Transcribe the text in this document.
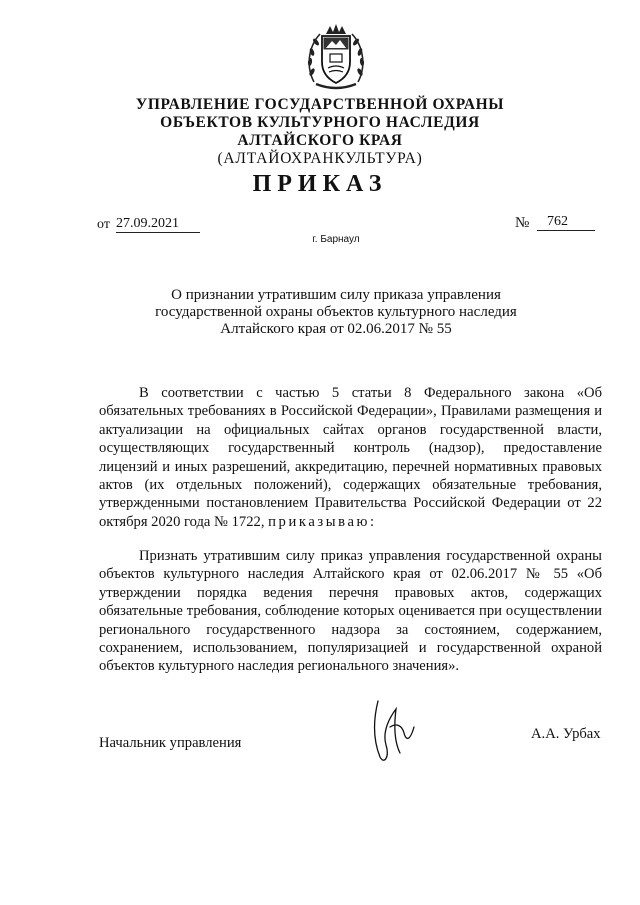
УПРАВЛЕНИЕ ГОСУДАРСТВЕННОЙ ОХРАНЫ
ОБЪЕКТОВ КУЛЬТУРНОГО НАСЛЕДИЯ
АЛТАЙСКОГО КРАЯ
(АЛТАЙОХРАНКУЛЬТУРА)
ПРИКАЗ
от 27.09.2021	№	762
г. Барнаул
О признании утратившим силу приказа управления
государственной охраны объектов культурного наследия
Алтайского края от 02.06.2017 № 55

В соответствии с частью 5 статьи 8 Федерального закона «Об обязательных требованиях в Российской Федерации», Правилами размещения и актуализации на официальных сайтах органов государственной власти, осуществляющих государственный контроль (надзор), предоставление лицензий и иных разрешений, аккредитацию, перечней нормативных правовых актов (их отдельных положений), содержащих обязательные требования, утвержденными постановлением Правительства Российской Федерации от 22 октября 2020 года № 1722, приказываю:

Признать утратившим силу приказ управления государственной охраны объектов культурного наследия Алтайского края от 02.06.2017 № 55 «Об утверждении порядка ведения перечня правовых актов, содержащих обязательные требования, соблюдение которых оценивается при осуществлении регионального государственного надзора за состоянием, содержанием, сохранением, использованием, популяризацией и государственной охраной объектов культурного наследия регионального значения».

Начальник управления
А.А. Урбах
